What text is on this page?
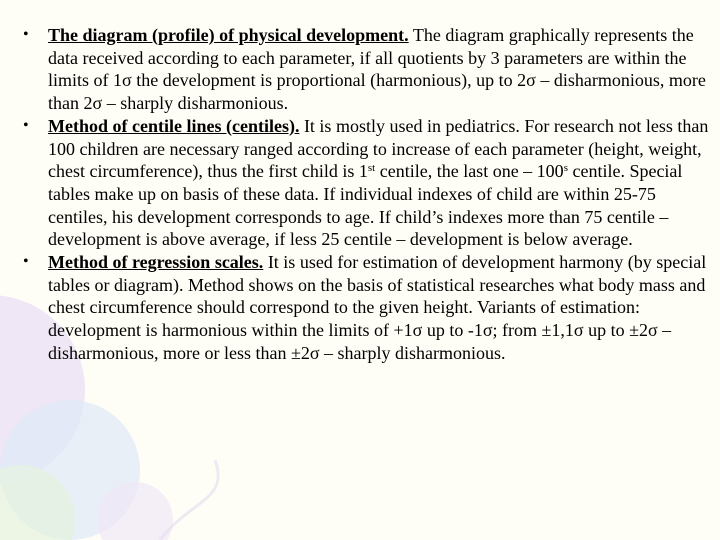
• The diagram (profile) of physical development. The diagram graphically represents the data received according to each parameter, if all quotients by 3 parameters are within the limits of 1σ the development is proportional (harmonious), up to 2σ – disharmonious, more than 2σ – sharply disharmonious.
• Method of centile lines (centiles). It is mostly used in pediatrics. For research not less than 100 children are necessary ranged according to increase of each parameter (height, weight, chest circumference), thus the first child is 1st centile, the last one – 100$^s$ centile. Special tables make up on basis of these data. If individual indexes of child are within 25-75 centiles, his development corresponds to age. If child’s indexes more than 75 centile – development is above average, if less 25 centile – development is below average.
• Method of regression scales. It is used for estimation of development harmony (by special tables or diagram). Method shows on the basis of statistical researches what body mass and chest circumference should correspond to the given height. Variants of estimation: development is harmonious within the limits of +1σ up to -1σ; from ±1,1σ up to ±2σ – disharmonious, more or less than ±2σ – sharply disharmonious.
